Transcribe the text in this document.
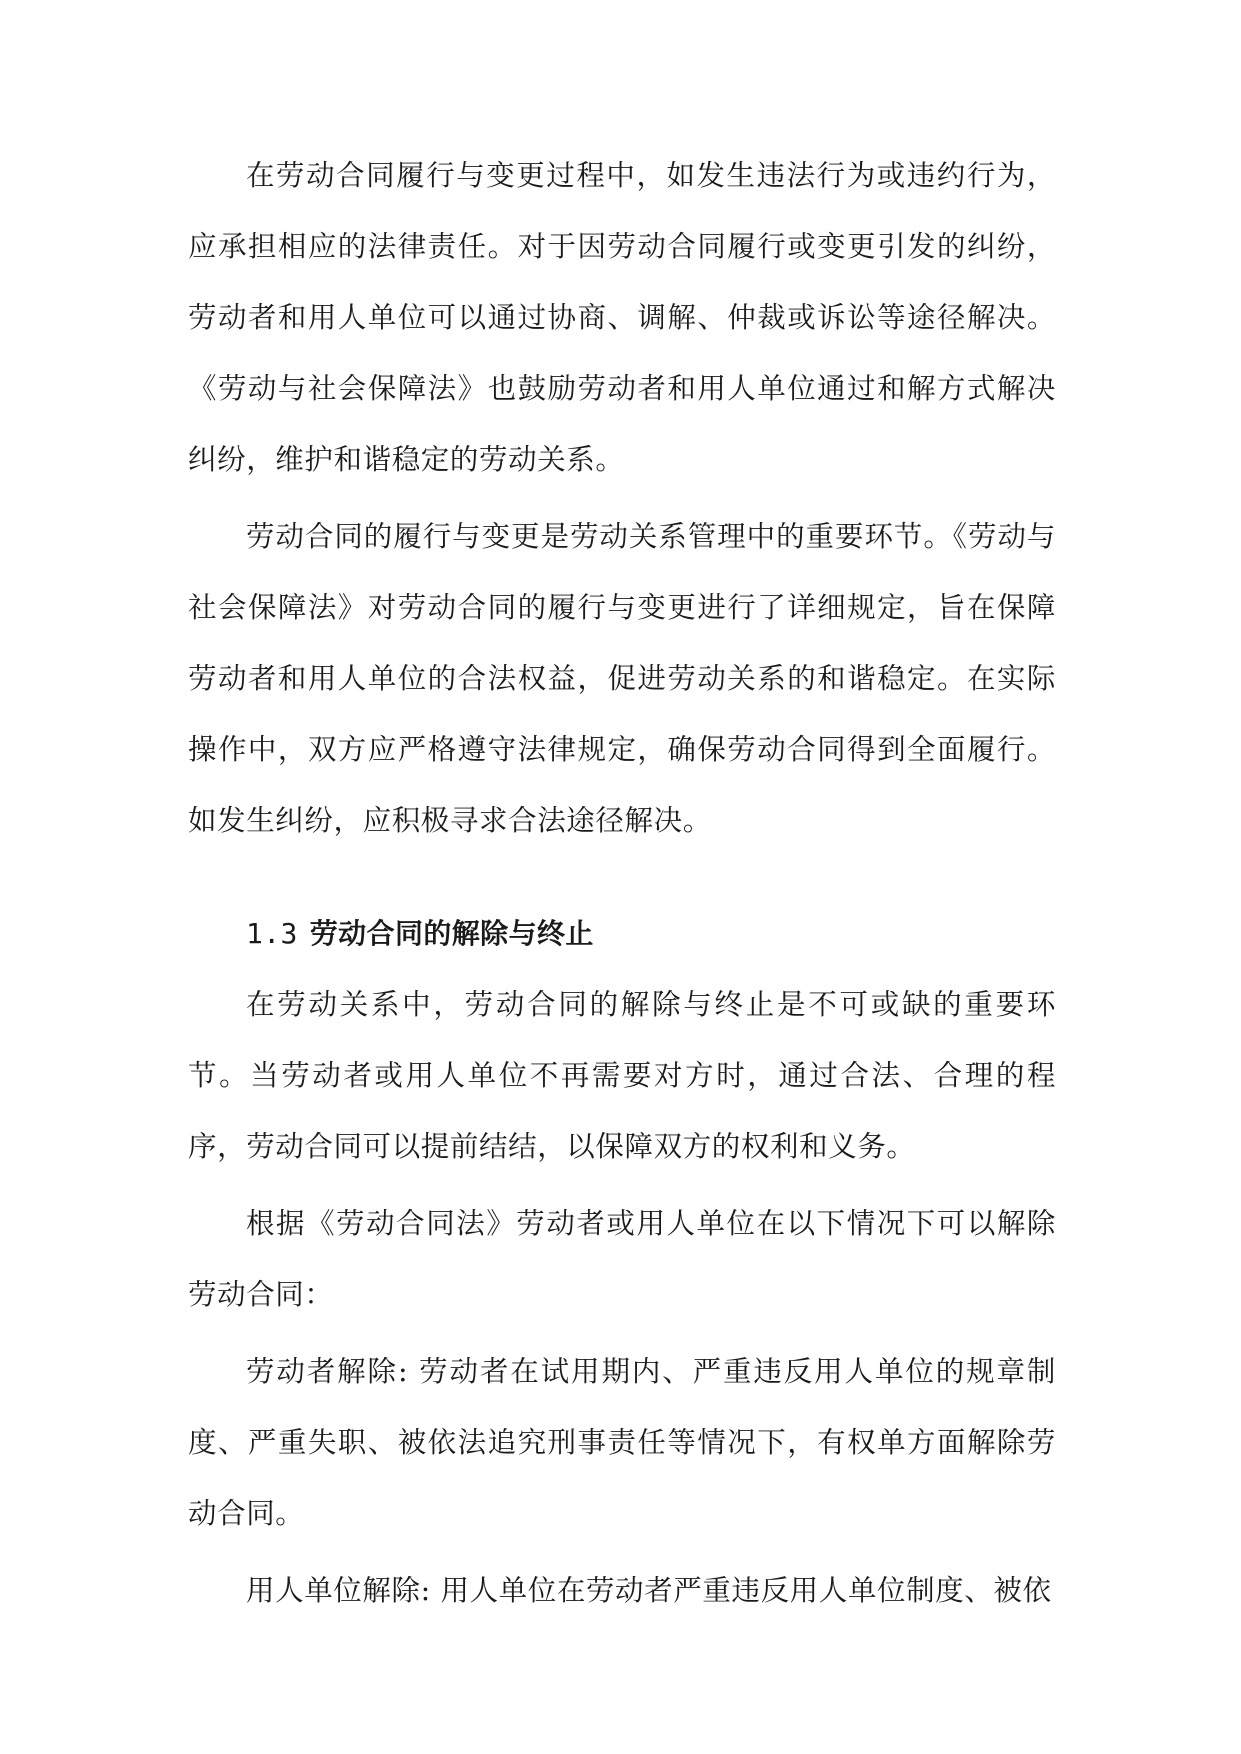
在劳动合同履行与变更过程中，如发生违法行为或违约行为，应承担相应的法律责任。对于因劳动合同履行或变更引发的纠纷，劳动者和用人单位可以通过协商、调解、仲裁或诉讼等途径解决。《劳动与社会保障法》也鼓励劳动者和用人单位通过和解方式解决纠纷，维护和谐稳定的劳动关系。

劳动合同的履行与变更是劳动关系管理中的重要环节。《劳动与社会保障法》对劳动合同的履行与变更进行了详细规定，旨在保障劳动者和用人单位的合法权益，促进劳动关系的和谐稳定。在实际操作中，双方应严格遵守法律规定，确保劳动合同得到全面履行。如发生纠纷，应积极寻求合法途径解决。

1.3 劳动合同的解除与终止

在劳动关系中，劳动合同的解除与终止是不可或缺的重要环节。当劳动者或用人单位不再需要对方时，通过合法、合理的程序，劳动合同可以提前结结，以保障双方的权利和义务。

根据《劳动合同法》劳动者或用人单位在以下情况下可以解除劳动合同：

劳动者解除: 劳动者在试用期内、严重违反用人单位的规章制度、严重失职、被依法追究刑事责任等情况下，有权单方面解除劳动合同。

用人单位解除: 用人单位在劳动者严重违反用人单位制度、被依
